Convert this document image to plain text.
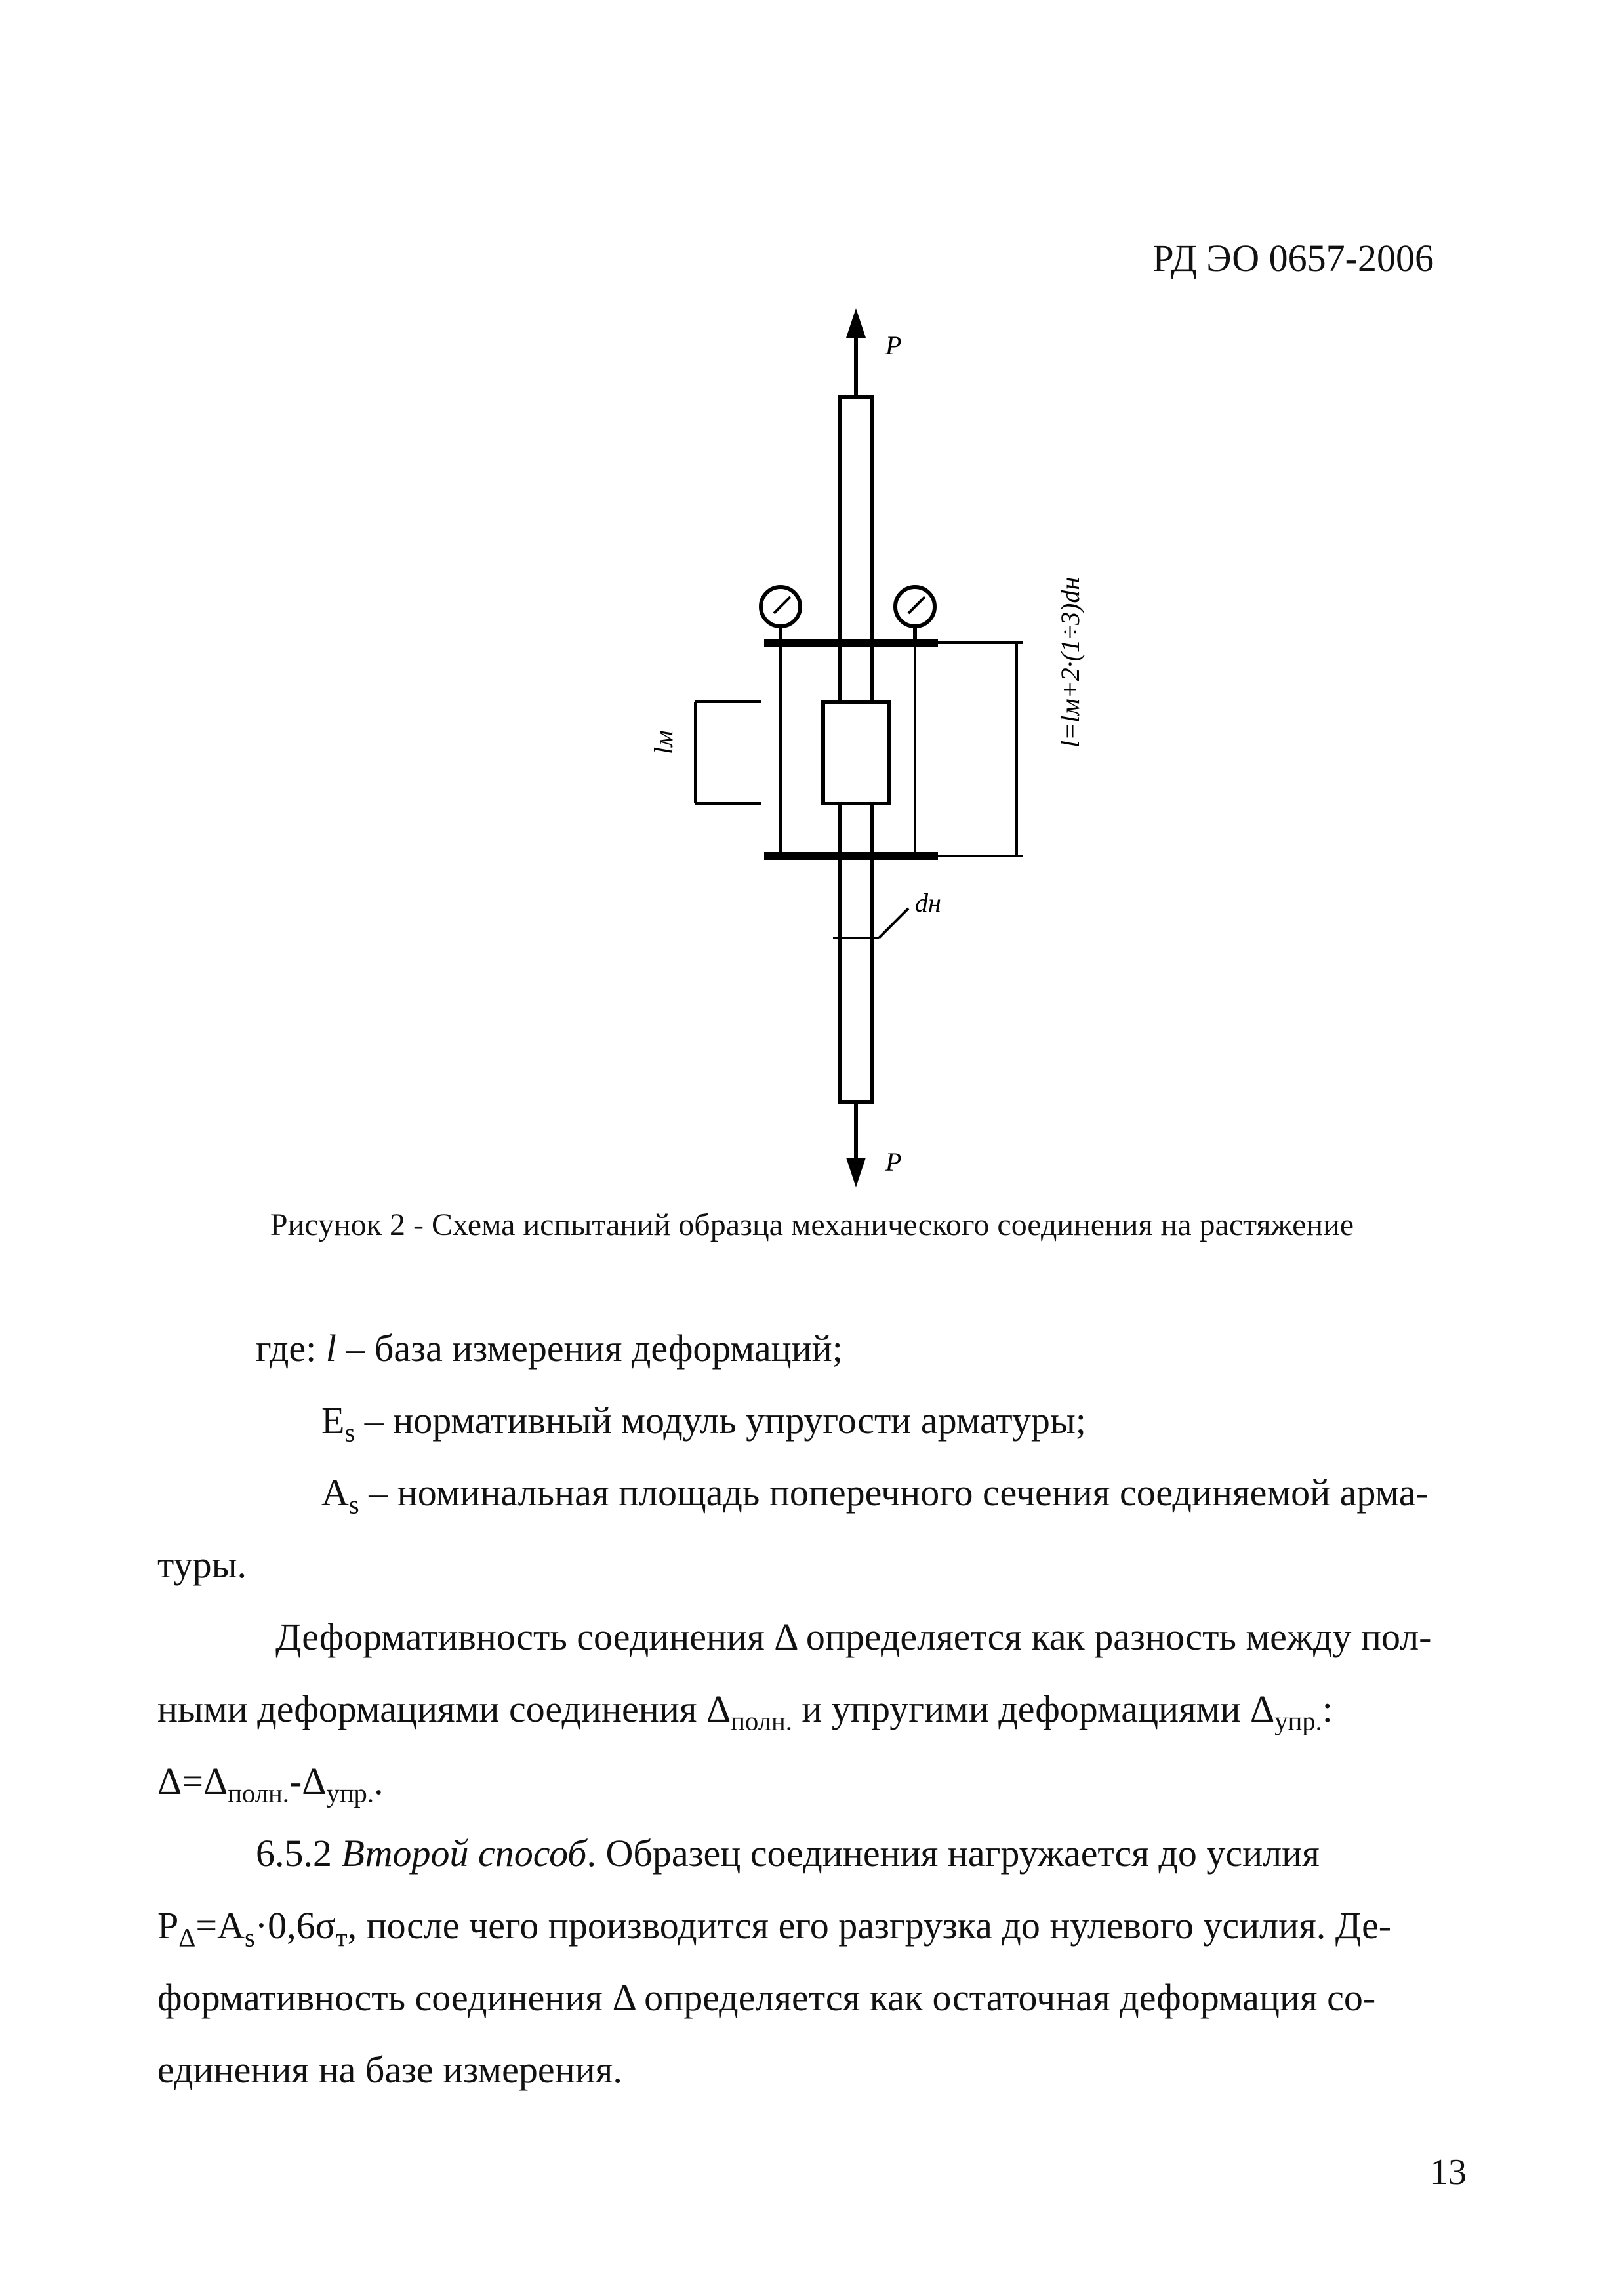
РД ЭО 0657-2006
P
P
lм
dн
l=lм+2·(1÷3)dн
Рисунок 2 - Схема испытаний образца механического соединения на растяжение
где: l – база измерения деформаций;
$E_s$ – нормативный модуль упругости арматуры;
$A_s$ – номинальная площадь поперечного сечения соединяемой арма-
туры.
Деформативность соединения Δ определяется как разность между пол-
ными деформациями соединения $\Delta_{полн.}$ и упругими деформациями $\Delta_{упр.}$:
$\Delta=\Delta_{полн.}-\Delta_{упр.}$.
6.5.2 Второй способ. Образец соединения нагружается до усилия
$P_\Delta=A_s\cdot 0,6\sigma_т$, после чего производится его разгрузка до нулевого усилия. Де-
формативность соединения Δ определяется как остаточная деформация со-
единения на базе измерения.
13
